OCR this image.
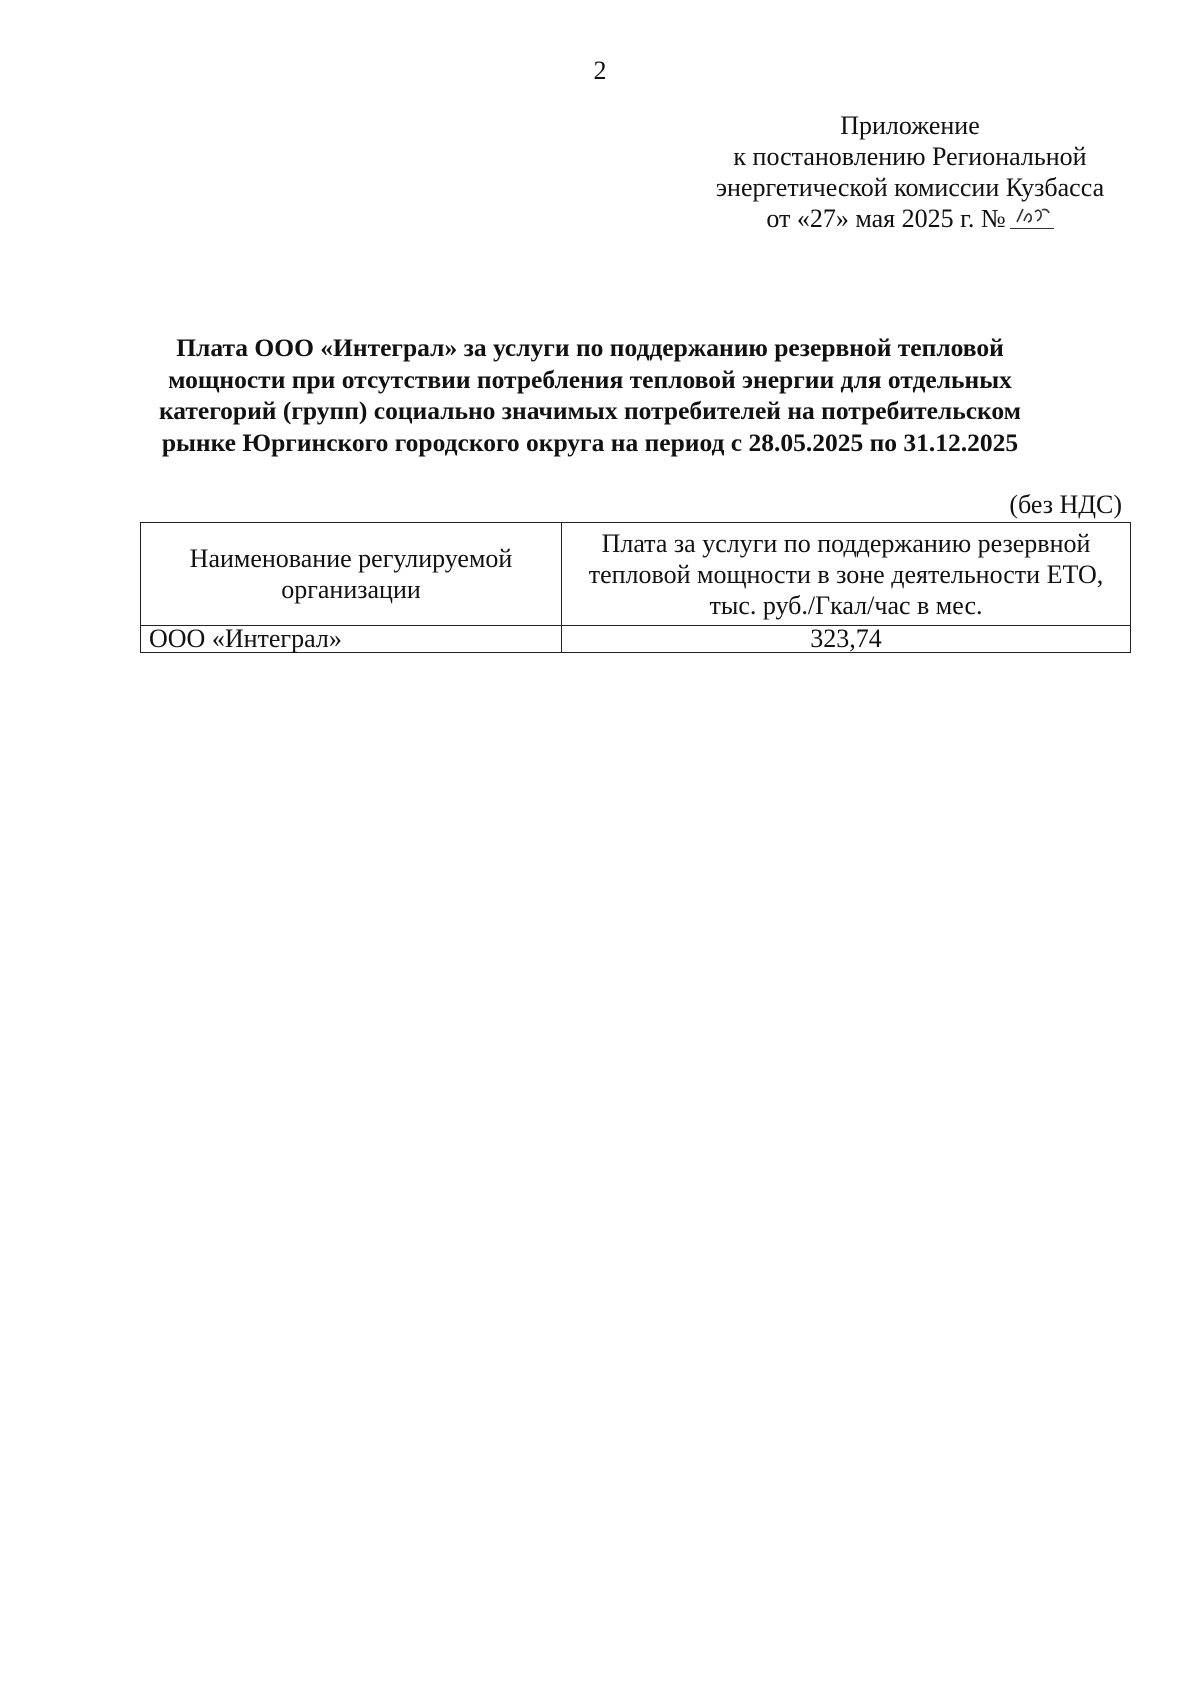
2
Приложение
к постановлению Региональной
энергетической комиссии Кузбасса
от «27» мая 2025 г. №
Плата ООО «Интеграл» за услуги по поддержанию резервной тепловой
мощности при отсутствии потребления тепловой энергии для отдельных
категорий (групп) социально значимых потребителей на потребительском
рынке Юргинского городского округа на период с 28.05.2025 по 31.12.2025
(без НДС)
Наименование регулируемой организации	Плата за услуги по поддержанию резервной тепловой мощности в зоне деятельности ЕТО, тыс. руб./Гкал/час в мес.
ООО «Интеграл»	323,74
